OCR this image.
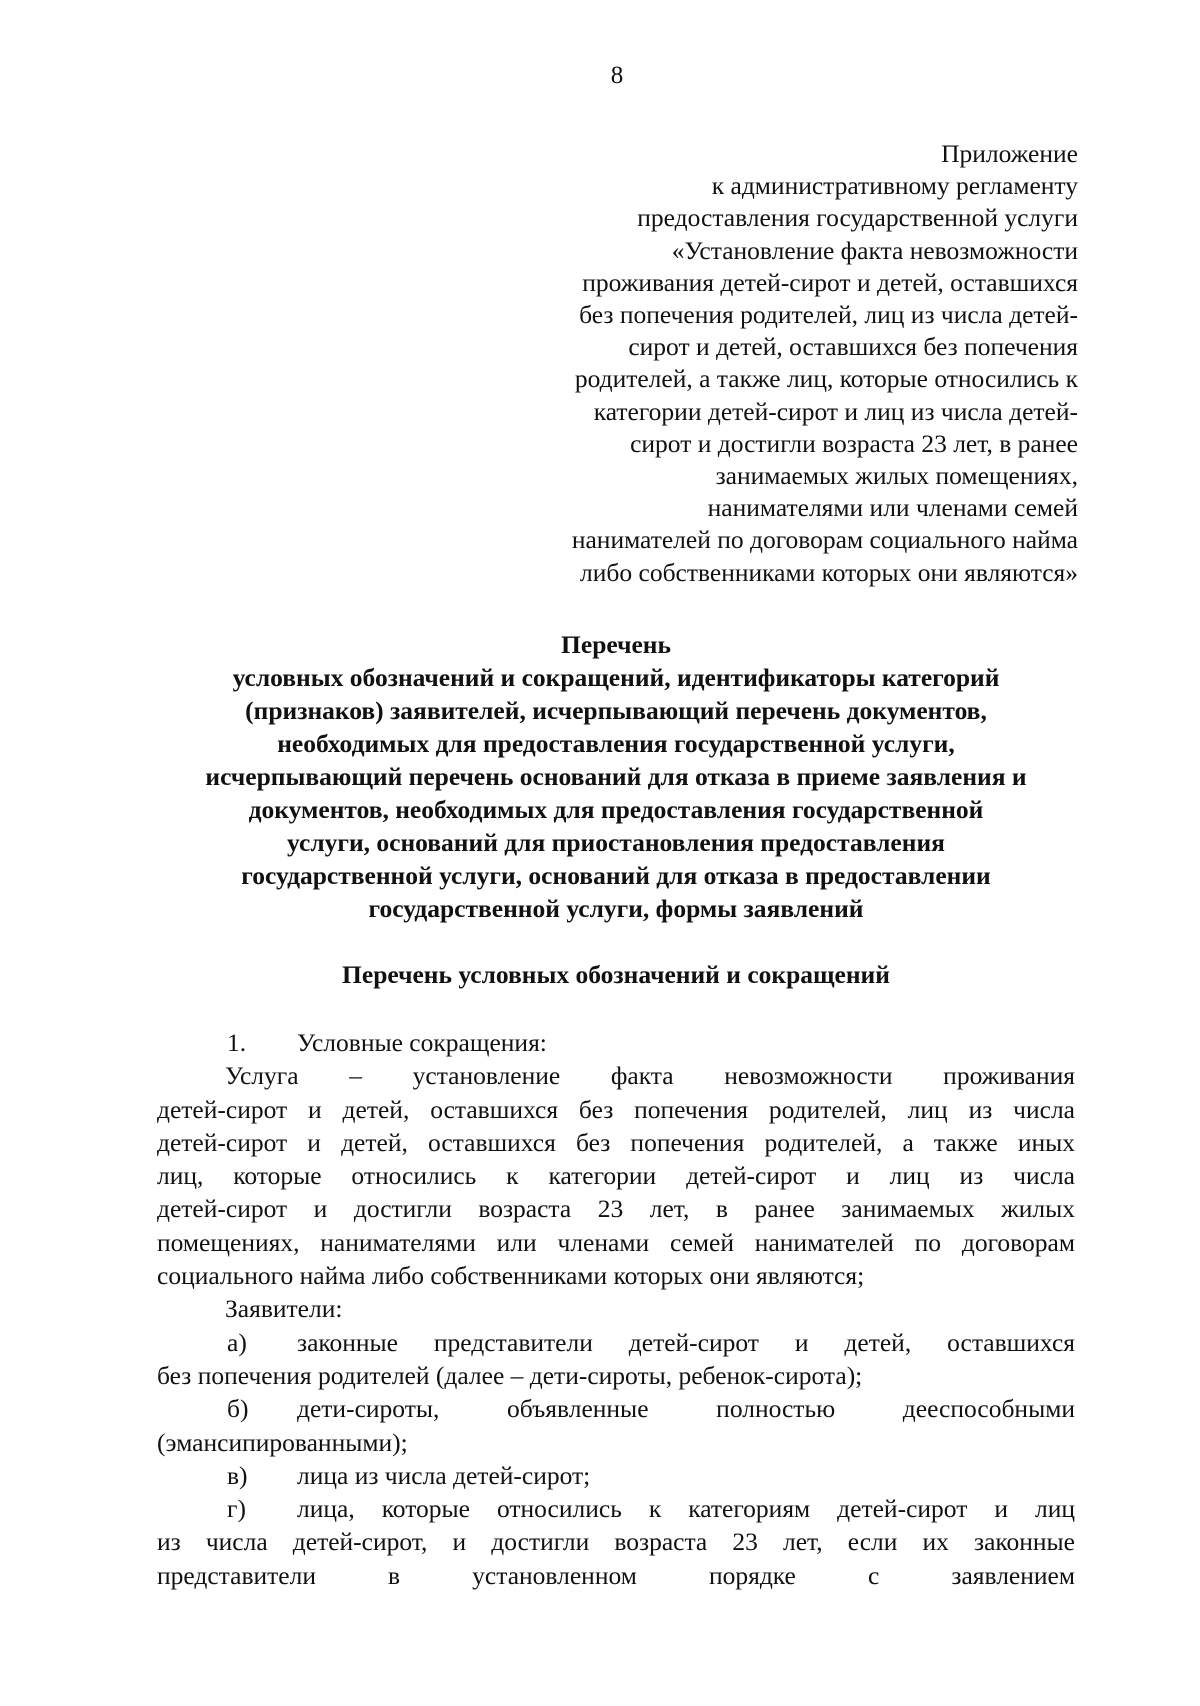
8
Приложение
к административному регламенту
предоставления государственной услуги
«Установление факта невозможности
проживания детей-сирот и детей, оставшихся
без попечения родителей, лиц из числа детей-
сирот и детей, оставшихся без попечения
родителей, а также лиц, которые относились к
категории детей-сирот и лиц из числа детей-
сирот и достигли возраста 23 лет, в ранее
занимаемых жилых помещениях,
нанимателями или членами семей
нанимателей по договорам социального найма
либо собственниками которых они являются»
Перечень
условных обозначений и сокращений, идентификаторы категорий
(признаков) заявителей, исчерпывающий перечень документов,
необходимых для предоставления государственной услуги,
исчерпывающий перечень оснований для отказа в приеме заявления и
документов, необходимых для предоставления государственной
услуги, оснований для приостановления предоставления
государственной услуги, оснований для отказа в предоставлении
государственной услуги, формы заявлений
Перечень условных обозначений и сокращений
1.	Условные сокращения:
Услуга – установление факта невозможности проживания
детей-сирот и детей, оставшихся без попечения родителей, лиц из числа
детей-сирот и детей, оставшихся без попечения родителей, а также иных
лиц, которые относились к категории детей-сирот и лиц из числа
детей-сирот и достигли возраста 23 лет, в ранее занимаемых жилых
помещениях, нанимателями или членами семей нанимателей по договорам
социального найма либо собственниками которых они являются;
Заявители:
а)	законные представители детей-сирот и детей, оставшихся
без попечения родителей (далее – дети-сироты, ребенок-сирота);
б)	дети-сироты, объявленные полностью дееспособными
(эмансипированными);
в)	лица из числа детей-сирот;
г)	лица, которые относились к категориям детей-сирот и лиц
из числа детей-сирот, и достигли возраста 23 лет, если их законные
представители в установленном порядке с заявлением
